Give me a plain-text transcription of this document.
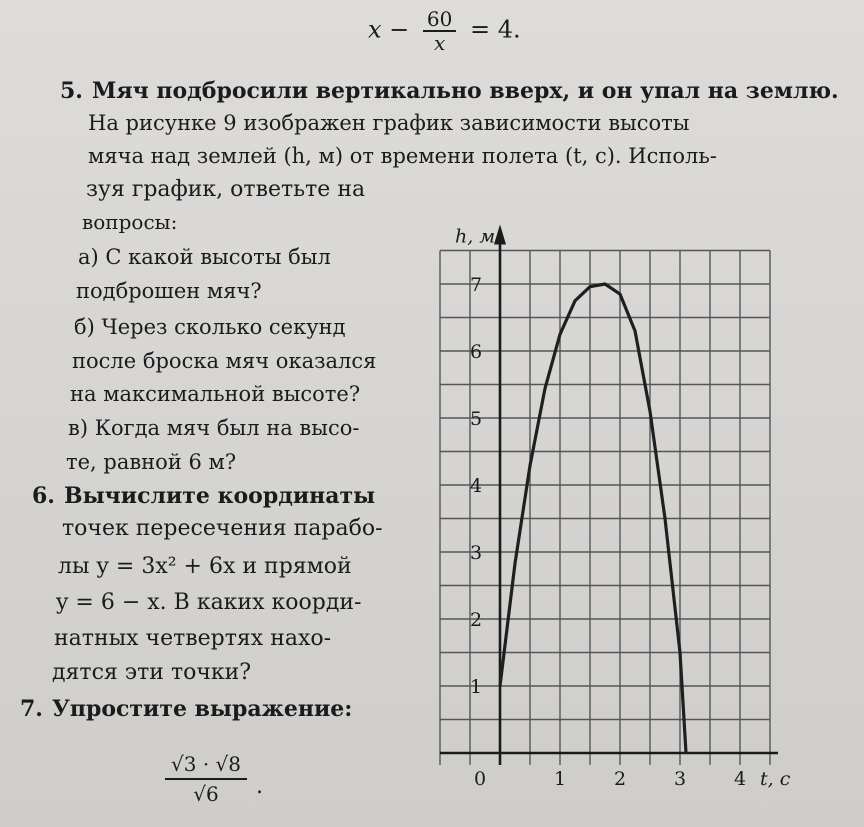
$x - \frac{60}{x} = 4$.
5. Мяч подбросили вертикально вверх, и он упал на землю.
На рисунке 9 изображен график зависимости высоты
мяча над землей (h, м) от времени полета (t, с). Исполь-
зуя график, ответьте на
вопросы:
а) С какой высоты был
подброшен мяч?
б) Через сколько секунд
после броска мяч оказался
на максимальной высоте?
в) Когда мяч был на высо-
те, равной 6 м?
6. Вычислите координаты
точек пересечения парабо-
лы y = 3x² + 6x и прямой
y = 6 − x. В каких коорди-
натных четвертях нахо-
дятся эти точки?
7. Упростите выражение:
√3 · √8
√6	.	1	2	3	4
1
2
3
4
5
6
7
h, м
t, с
0
